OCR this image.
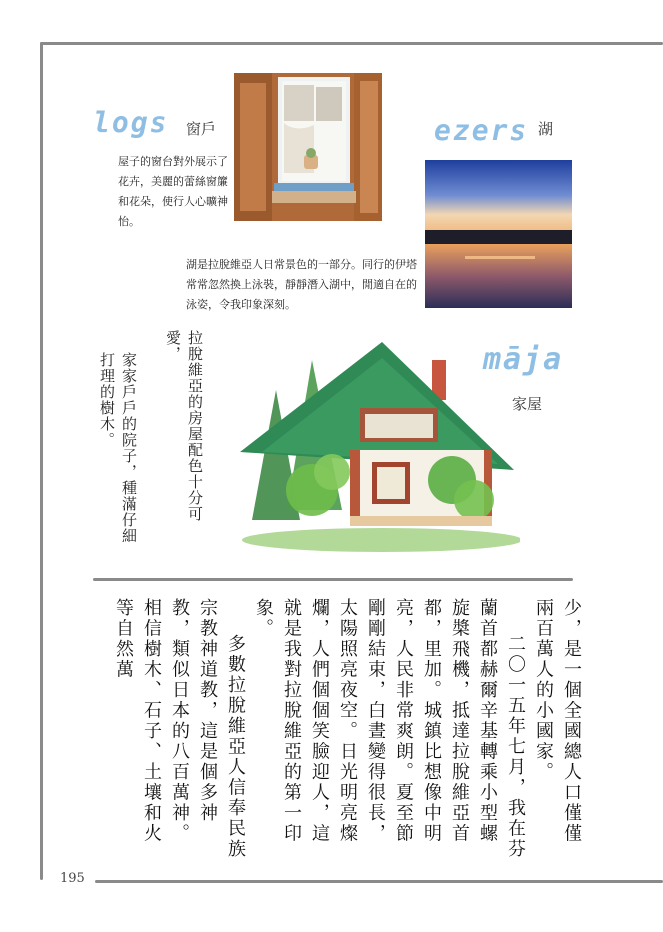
logs 窗戶
屋子的窗台對外展示了花卉，美麗的蕾絲窗簾和花朵，使行人心曠神怡。
ezers 湖
湖是拉脫維亞人日常景色的一部分。同行的伊塔常常忽然換上泳裝，靜靜潛入湖中，閒適自在的泳姿，令我印象深刻。
māja
家屋
拉脫維亞的房屋配色十分可愛，
家家戶戶的院子，種滿仔細打理的樹木。

少，是一個全國總人口僅僅兩百萬人的小國家。

二〇一五年七月，我在芬蘭首都赫爾辛基轉乘小型螺旋槳飛機，抵達拉脫維亞首都，里加。城鎮比想像中明亮，人民非常爽朗。夏至節剛剛結束，白晝變得很長，太陽照亮夜空。日光明亮燦爛，人們個個笑臉迎人，這就是我對拉脫維亞的第一印象。

多數拉脫維亞人信奉民族宗教神道教，這是個多神教，類似日本的八百萬神。相信樹木、石子、土壤和火等自然萬

195
